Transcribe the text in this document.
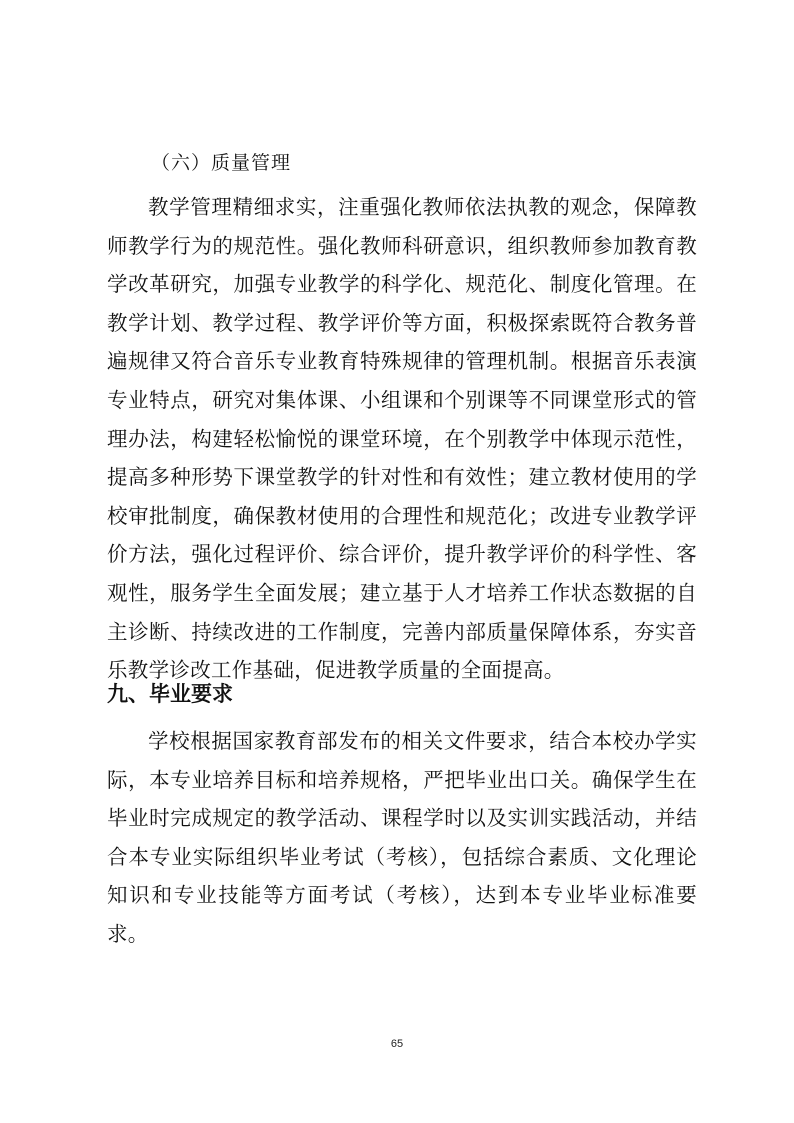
（六）质量管理

教学管理精细求实，注重强化教师依法执教的观念，保障教师教学行为的规范性。强化教师科研意识，组织教师参加教育教学改革研究，加强专业教学的科学化、规范化、制度化管理。在教学计划、教学过程、教学评价等方面，积极探索既符合教务普遍规律又符合音乐专业教育特殊规律的管理机制。根据音乐表演专业特点，研究对集体课、小组课和个别课等不同课堂形式的管理办法，构建轻松愉悦的课堂环境，在个别教学中体现示范性，提高多种形势下课堂教学的针对性和有效性；建立教材使用的学校审批制度，确保教材使用的合理性和规范化；改进专业教学评价方法，强化过程评价、综合评价，提升教学评价的科学性、客观性，服务学生全面发展；建立基于人才培养工作状态数据的自主诊断、持续改进的工作制度，完善内部质量保障体系，夯实音乐教学诊改工作基础，促进教学质量的全面提高。

九、毕业要求

学校根据国家教育部发布的相关文件要求，结合本校办学实际，本专业培养目标和培养规格，严把毕业出口关。确保学生在毕业时完成规定的教学活动、课程学时以及实训实践活动，并结合本专业实际组织毕业考试（考核），包括综合素质、文化理论知识和专业技能等方面考试（考核），达到本专业毕业标准要求。

65
